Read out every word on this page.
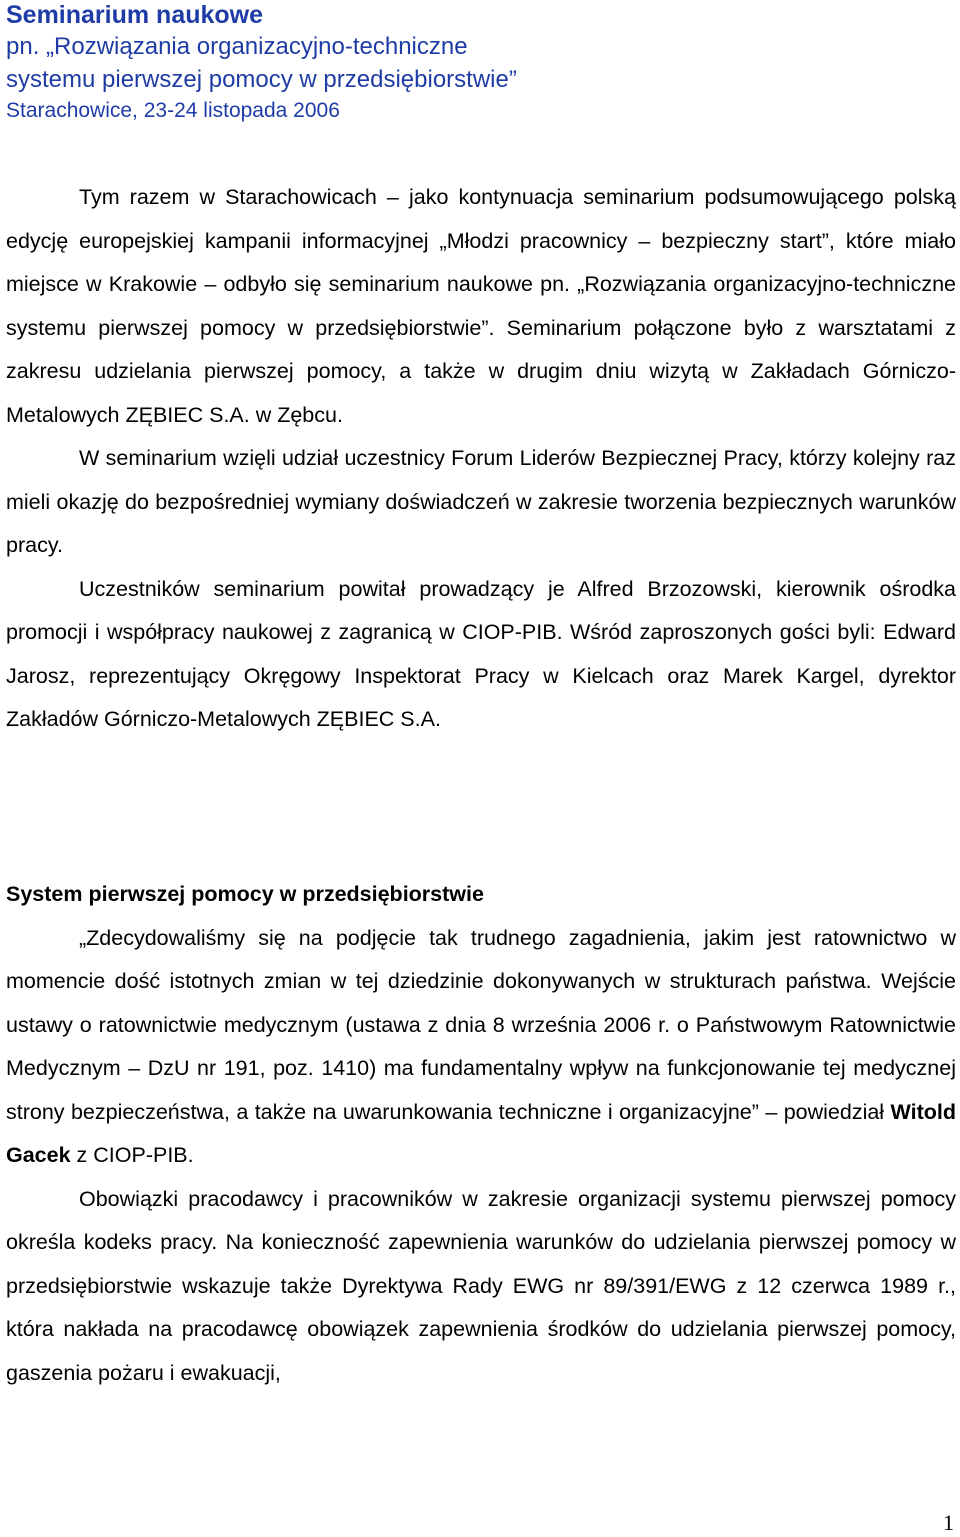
Seminarium naukowe

pn. „Rozwiązania organizacyjno-techniczne

systemu pierwszej pomocy w przedsiębiorstwie”

Starachowice, 23-24 listopada 2006

Tym razem w Starachowicach – jako kontynuacja seminarium podsumowującego polską edycję europejskiej kampanii informacyjnej „Młodzi pracownicy – bezpieczny start”, które miało miejsce w Krakowie – odbyło się seminarium naukowe pn. „Rozwiązania organizacyjno-techniczne systemu pierwszej pomocy w przedsiębiorstwie”. Seminarium połączone było z warsztatami z zakresu udzielania pierwszej pomocy, a także w drugim dniu wizytą w Zakładach Górniczo-Metalowych ZĘBIEC S.A. w Zębcu.

W seminarium wzięli udział uczestnicy Forum Liderów Bezpiecznej Pracy, którzy kolejny raz mieli okazję do bezpośredniej wymiany doświadczeń w zakresie tworzenia bezpiecznych warunków pracy.

Uczestników seminarium powitał prowadzący je Alfred Brzozowski, kierownik ośrodka promocji i współpracy naukowej z zagranicą w CIOP-PIB. Wśród zaproszonych gości byli: Edward Jarosz, reprezentujący Okręgowy Inspektorat Pracy w Kielcach oraz Marek Kargel, dyrektor Zakładów Górniczo-Metalowych ZĘBIEC S.A.

System pierwszej pomocy w przedsiębiorstwie

„Zdecydowaliśmy się na podjęcie tak trudnego zagadnienia, jakim jest ratownictwo w momencie dość istotnych zmian w tej dziedzinie dokonywanych w strukturach państwa. Wejście ustawy o ratownictwie medycznym (ustawa z dnia 8 września 2006 r. o Państwowym Ratownictwie Medycznym – DzU nr 191, poz. 1410) ma fundamentalny wpływ na funkcjonowanie tej medycznej strony bezpieczeństwa, a także na uwarunkowania techniczne i organizacyjne” – powiedział Witold Gacek z CIOP-PIB.

Obowiązki pracodawcy i pracowników w zakresie organizacji systemu pierwszej pomocy określa kodeks pracy. Na konieczność zapewnienia warunków do udzielania pierwszej pomocy w przedsiębiorstwie wskazuje także Dyrektywa Rady EWG nr 89/391/EWG z 12 czerwca 1989 r., która nakłada na pracodawcę obowiązek zapewnienia środków do udzielania pierwszej pomocy, gaszenia pożaru i ewakuacji,

1
